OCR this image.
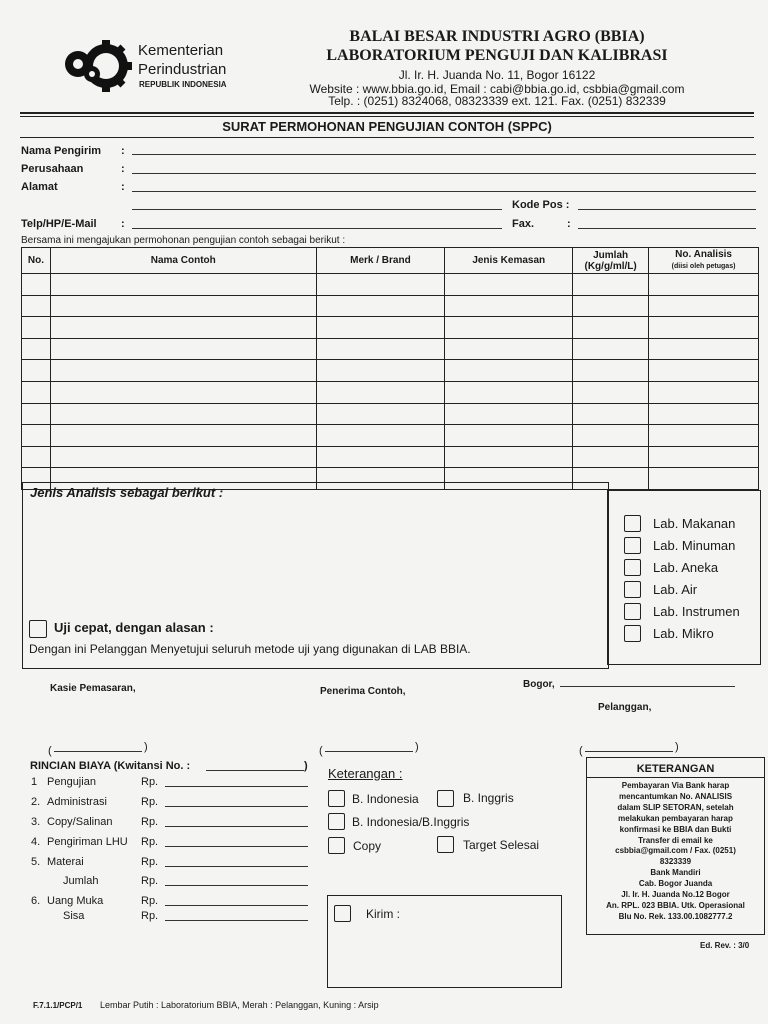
Kementerian
Perindustrian
REPUBLIK INDONESIA
BALAI BESAR INDUSTRI AGRO (BBIA)
LABORATORIUM PENGUJI DAN KALIBRASI
Jl. Ir. H. Juanda No. 11, Bogor 16122
Website : www.bbia.go.id, Email : cabi@bbia.go.id, csbbia@gmail.com
Telp. : (0251) 8324068, 08323339 ext. 121. Fax. (0251) 832339
SURAT PERMOHONAN PENGUJIAN CONTOH (SPPC)
Nama Pengirim :
Perusahaan	:
Alamat	:
Kode Pos :
Telp/HP/E-Mail :	Fax.	:
Bersama ini mengajukan permohonan pengujian contoh sebagai berikut :
No.	Nama Contoh	Merk / Brand	Jenis Kemasan	Jumlah
(Kg/g/ml/L)	No. Analisis
(diisi oleh petugas)

Jenis Analisis sebagai berikut :
Uji cepat, dengan alasan :
Dengan ini Pelanggan Menyetujui seluruh metode uji yang digunakan di LAB BBIA.
Lab. Makanan
Lab. Minuman
Lab. Aneka
Lab. Air
Lab. Instrumen
Lab. Mikro
Kasie Pemasaran,	Penerima Contoh,
Bogor,
Pelanggan,
(	)	(	)	(	)
RINCIAN BIAYA (Kwitansi No. :	)
1 Pengujian	Rp.
2. Administrasi	Rp.
3. Copy/Salinan	Rp.
4. Pengiriman LHU Rp.
5. Materai	Rp.
Jumlah	Rp.
6. Uang Muka	Rp.
Sisa	Rp.
Keterangan :
B. Indonesia	B. Inggris
B. Indonesia/B.Inggris
Copy	Target Selesai
Kirim :
KETERANGAN
Pembayaran Via Bank harap
mencantumkan No. ANALISIS
dalam SLIP SETORAN, setelah
melakukan pembayaran harap
konfirmasi ke BBIA dan Bukti
Transfer di email ke
csbbia@gmail.com / Fax. (0251)
8323339
Bank Mandiri
Cab. Bogor Juanda
Jl. Ir. H. Juanda No.12 Bogor
An. RPL. 023 BBIA. Utk. Operasional
Blu No. Rek. 133.00.1082777.2
Ed. Rev. : 3/0
F.7.1.1/PCP/1 Lembar Putih : Laboratorium BBIA, Merah : Pelanggan, Kuning : Arsip
